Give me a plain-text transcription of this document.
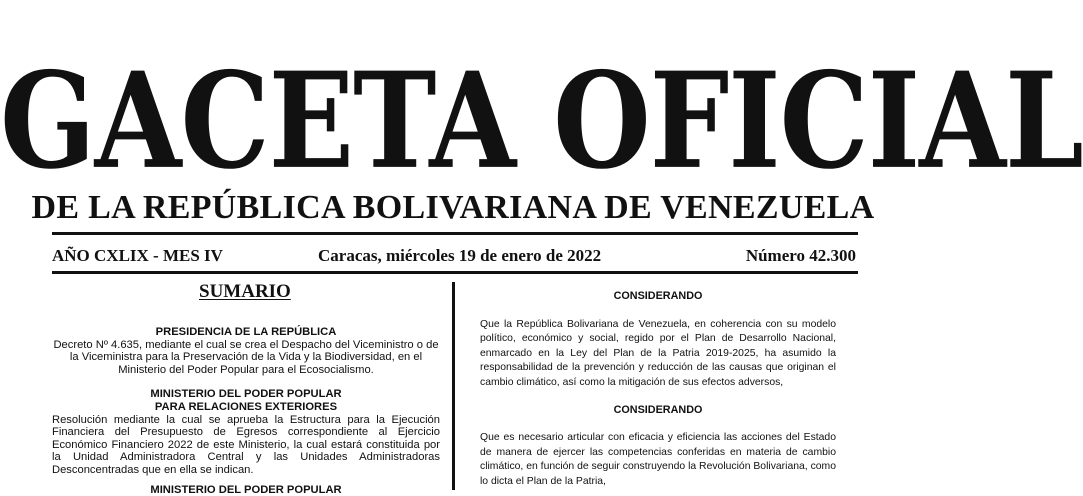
GACETA OFICIAL
DE LA REPÚBLICA BOLIVARIANA DE VENEZUELA
AÑO CXLIX - MES IV	Caracas, miércoles 19 de enero de 2022	Número 42.300
SUMARIO
PRESIDENCIA DE LA REPÚBLICA
Decreto Nº 4.635, mediante el cual se crea el Despacho del Viceministro o de la Viceministra para la Preservación de la Vida y la Biodiversidad, en el Ministerio del Poder Popular para el Ecosocialismo.
MINISTERIO DEL PODER POPULAR
PARA RELACIONES EXTERIORES
Resolución mediante la cual se aprueba la Estructura para la Ejecución Financiera del Presupuesto de Egresos correspondiente al Ejercicio Económico Financiero 2022 de este Ministerio, la cual estará constituida por la Unidad Administradora Central y las Unidades Administradoras Desconcentradas que en ella se indican.
MINISTERIO DEL PODER POPULAR
CONSIDERANDO
Que la República Bolivariana de Venezuela, en coherencia con su modelo político, económico y social, regido por el Plan de Desarrollo Nacional, enmarcado en la Ley del Plan de la Patria 2019-2025, ha asumido la responsabilidad de la prevención y reducción de las causas que originan el cambio climático, así como la mitigación de sus efectos adversos,
CONSIDERANDO
Que es necesario articular con eficacia y eficiencia las acciones del Estado de manera de ejercer las competencias conferidas en materia de cambio climático, en función de seguir construyendo la Revolución Bolivariana, como lo dicta el Plan de la Patria,
